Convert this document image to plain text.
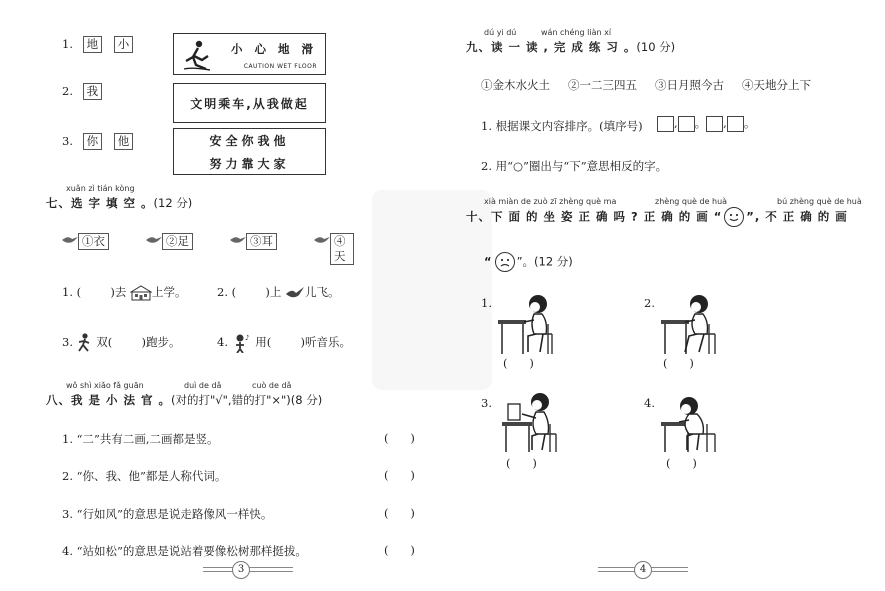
1. 地 小	小 心 地 滑
CAUTION WET FLOOR
2. 我
文明乘车,从我做起
3. 你 他	安全你我他
努力靠大家
xuǎn zì tián kòng
七、选 字 填 空 。(12 分)
①衣	②足	③耳	④天
1. (        )去 上学。	2. (        )上 儿飞。
3. 双(	)跑步。	4. ♪ 用(	)听音乐。
wǒ shì xiǎo fǎ guān	duì de dǎ	cuò de dǎ
八、我 是 小 法 官 。(对的打"√",错的打"×")(8 分)
1. “二”共有二画,二画都是竖。	(      )
2. “你、我、他”都是人称代词。	(      )
3. “行如风”的意思是说走路像风一样快。	(      )
4. “站如松”的意思是说站着要像松树那样挺拔。	(      )
3
dú yi dú	wán chéng liàn xí
九、读 一 读 , 完 成 练 习 。(10 分)
①金木水火土 ②一二三四五 ③日月照今古 ④天地分上下
1. 根据课文内容排序。(填序号)	, 。 , 。
2. 用“○”圈出与“下”意思相反的字。
xià miàn de zuò zī zhèng què ma	zhèng què de huà	bú zhèng què de huà
十、下 面 的 坐 姿 正 确 吗 ? 正 确 的 画 “ ”, 不 正 确 的 画
“ ”。(12 分)
1.
(      )
2.
(      )
3.
(      )
4.
(      )
4
